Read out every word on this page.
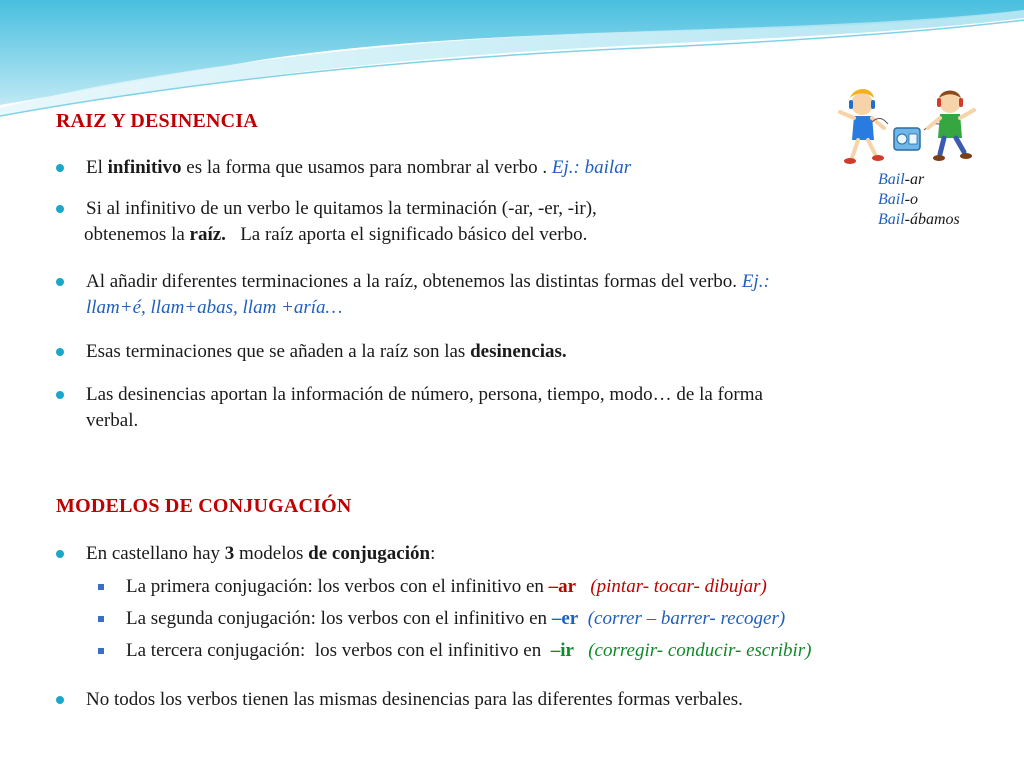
RAIZ Y DESINENCIA
El infinitivo es la forma que usamos para nombrar al verbo . Ej.: bailar
Si al infinitivo de un verbo le quitamos la terminación (-ar, -er, -ir),
obtenemos la raíz.   La raíz aporta el significado básico del verbo.
Al añadir diferentes terminaciones a la raíz, obtenemos las distintas formas del verbo. Ej.:
llam+é, llam+abas, llam +aría…
Esas terminaciones que se añaden a la raíz son las desinencias.
Las desinencias aportan la información de número, persona, tiempo, modo… de la forma
verbal.
MODELOS DE CONJUGACIÓN
En castellano hay 3 modelos de conjugación:
La primera conjugación: los verbos con el infinitivo en –ar (pintar- tocar- dibujar)
La segunda conjugación: los verbos con el infinitivo en –er (correr – barrer- recoger)
La tercera conjugación:  los verbos con el infinitivo en  –ir (corregir- conducir- escribir)
No todos los verbos tienen las mismas desinencias para las diferentes formas verbales.
Bail-ar
Bail-o
Bail-ábamos
